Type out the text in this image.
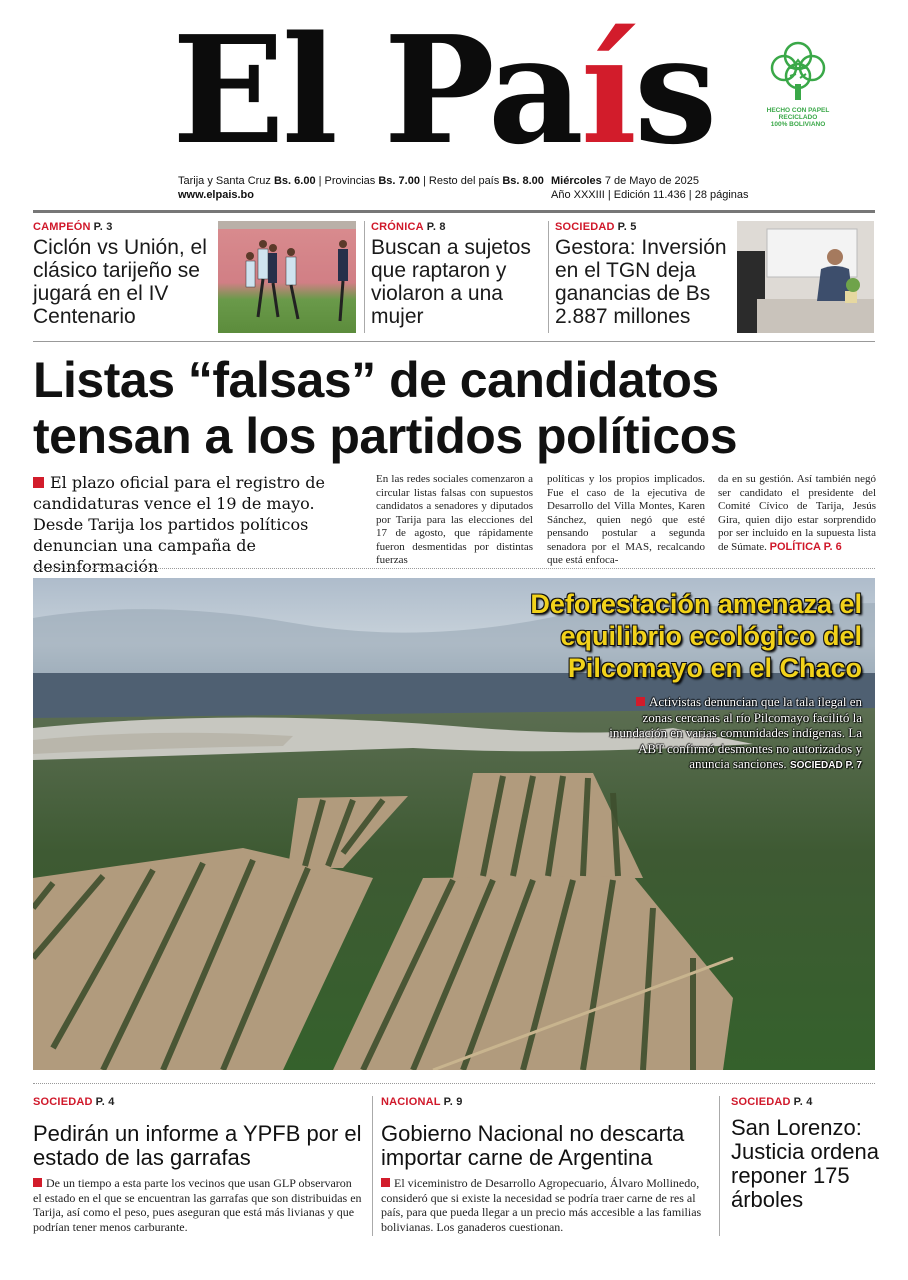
El País	HECHO CON PAPEL
RECICLADO
100% BOLIVIANO
Tarija y Santa Cruz Bs. 6.00 | Provincias Bs. 7.00 | Resto del país Bs. 8.00
www.elpais.bo
Miércoles 7 de Mayo de 2025
Año XXXIII | Edición 11.436 | 28 páginas
CAMPEÓN P. 3
Ciclón vs Unión, el clásico tarijeño se jugará en el IV Centenario
CRÓNICA P. 8
Buscan a sujetos que raptaron y violaron a una mujer
SOCIEDAD P. 5
Gestora: Inversión en el TGN deja ganancias de Bs 2.887 millones
Listas “falsas” de candidatos tensan a los partidos políticos
El plazo oficial para el registro de candidaturas vence el 19 de mayo. Desde Tarija los partidos políticos denuncian una campaña de desinformación
En las redes sociales comenzaron a circular listas falsas con supuestos candidatos a senadores y diputados por Tarija para las elecciones del 17 de agosto, que rápidamente fueron desmentidas por distintas fuerzas
políticas y los propios implicados. Fue el caso de la ejecutiva de Desarrollo del Villa Montes, Karen Sánchez, quien negó que esté pensando postular a segunda senadora por el MAS, recalcando que está enfoca-
da en su gestión. Así también negó ser candidato el presidente del Comité Cívico de Tarija, Jesús Gira, quien dijo estar sorprendido por ser incluido en la supuesta lista de Súmate. POLÍTICA P. 6
Deforestación amenaza el equilibrio ecológico del Pilcomayo en el Chaco
Activistas denuncian que la tala ilegal en zonas cercanas al río Pilcomayo facilitó la inundación en varias comunidades indígenas. La ABT confirmó desmontes no autorizados y anuncia sanciones. SOCIEDAD P. 7
SOCIEDAD P. 4
Pedirán un informe a YPFB por el estado de las garrafas
De un tiempo a esta parte los vecinos que usan GLP observaron el estado en el que se encuentran las garrafas que son distribuidas en Tarija, así como el peso, pues aseguran que está más livianas y que podrían tener menos carburante.
NACIONAL P. 9
Gobierno Nacional no descarta importar carne de Argentina
El viceministro de Desarrollo Agropecuario, Álvaro Mollinedo, consideró que si existe la necesidad se podría traer carne de res al país, para que pueda llegar a un precio más accesible a las familias bolivianas. Los ganaderos cuestionan.
SOCIEDAD P. 4
San Lorenzo: Justicia ordena reponer 175 árboles
